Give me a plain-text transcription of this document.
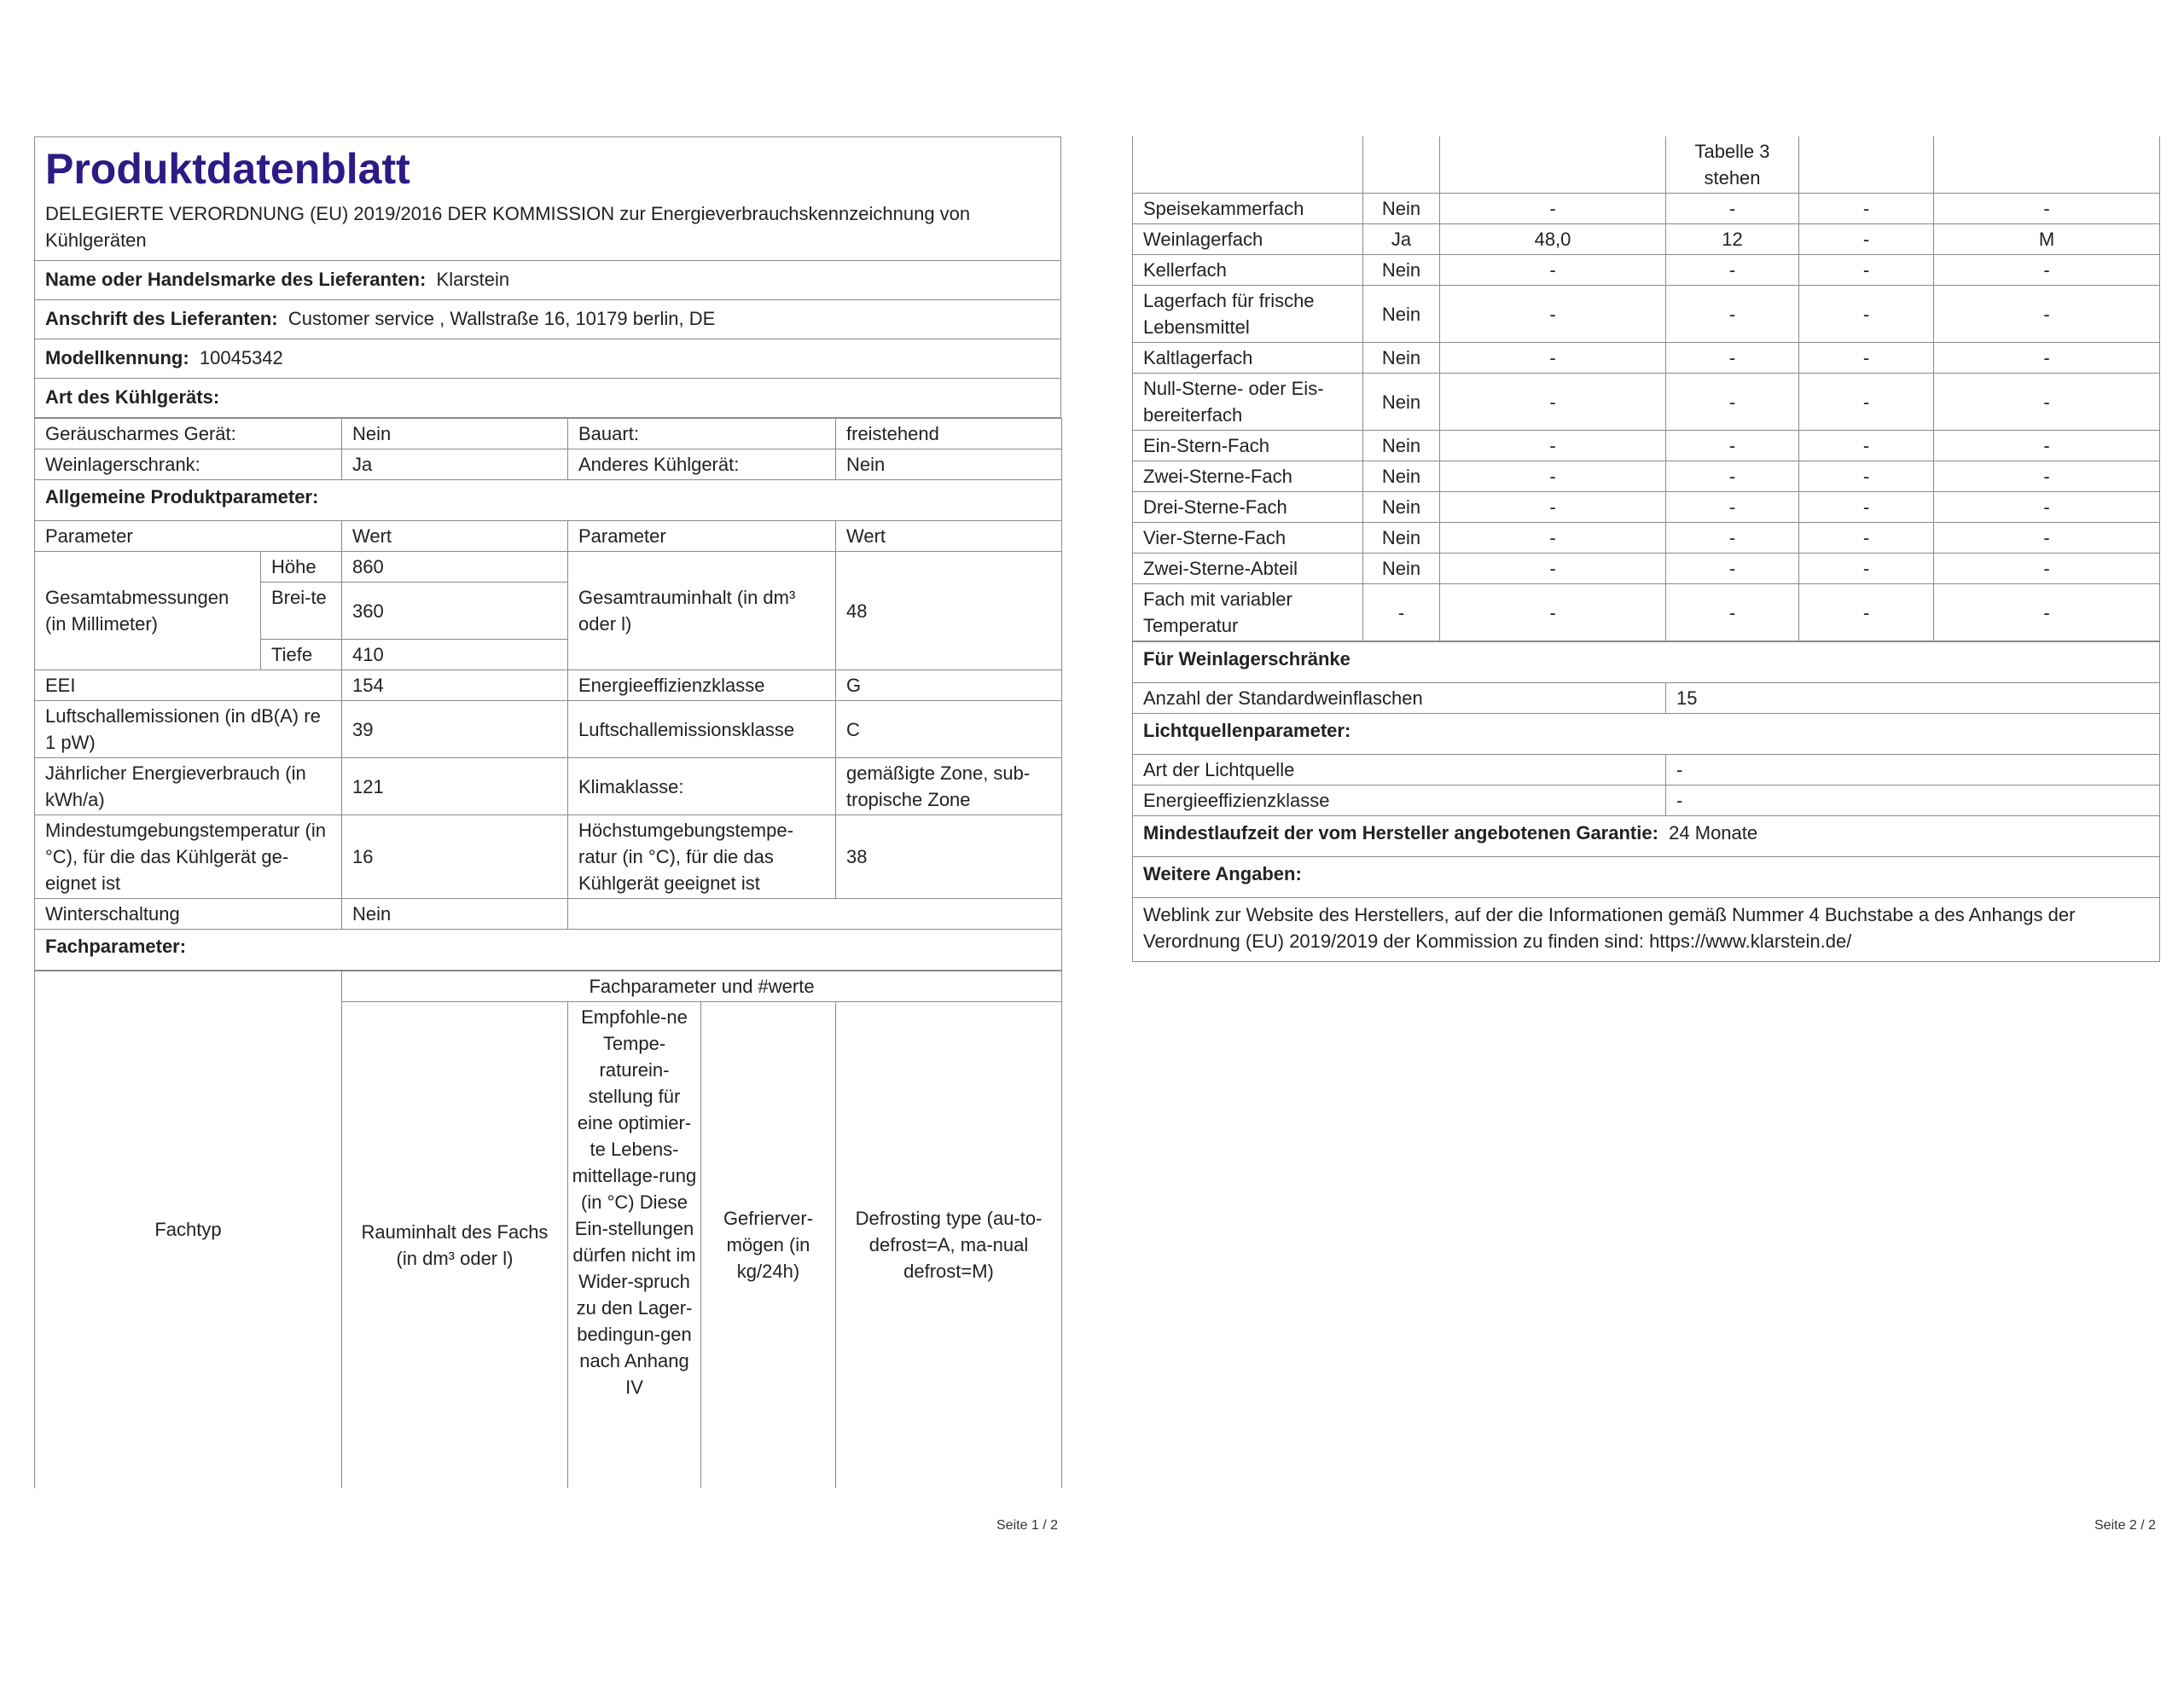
Produktdatenblatt
DELEGIERTE VERORDNUNG (EU) 2019/2016 DER KOMMISSION zur Energieverbrauchskennzeichnung von Kühlgeräten

Name oder Handelsmarke des Lieferanten: Klarstein
Anschrift des Lieferanten: Customer service , Wallstraße 16, 10179 berlin, DE
Modellkennung: 10045342
Art des Kühlgeräts:
Geräuscharmes Gerät:		Nein	Bauart:	freistehend
Weinlagerschrank:		Ja	Anderes Kühlgerät:	Nein
Allgemeine Produktparameter:				
Parameter		Wert	Parameter	Wert
Gesamtabmessungen (in Millimeter)	Höhe	860	Gesamtrauminhalt (in dm³ oder l)	48
	Brei-te	360		
	Tiefe	410		
EEI		154	Energieeffizienzklasse	G
Luftschallemissionen (in dB(A) re 1 pW)		39	Luftschallemissionsklasse	C
Jährlicher Energieverbrauch (in kWh/a)		121	Klimaklasse:	gemäßigte Zone, sub-tropische Zone
Mindestumgebungstemperatur (in °C), für die das Kühlgerät ge-eignet ist		16	Höchstumgebungstempe-ratur (in °C), für die das Kühlgerät geeignet ist	38
Winterschaltung		Nein		
Fachparameter:				
Fachtyp	Fachparameter und #werte			
	Rauminhalt des Fachs (in dm³ oder l)	Empfohle-ne Tempe-raturein-stellung für eine optimier-te Lebens-mittellage-rung (in °C) Diese Ein-stellungen dürfen nicht im Wider-spruch zu den Lager-bedingun-gen nach Anhang IV	Gefrierver-mögen (in kg/24h)	Defrosting type (au-to-defrost=A, ma-nual defrost=M)
Seite 1 / 2
			Tabelle 3 stehen		
Speisekammerfach	Nein	-	-	-	-
Weinlagerfach	Ja	48,0	12	-	M
Kellerfach	Nein	-	-	-	-
Lagerfach für frische Lebensmittel	Nein	-	-	-	-
Kaltlagerfach	Nein	-	-	-	-
Null-Sterne- oder Eis-bereiterfach	Nein	-	-	-	-
Ein-Stern-Fach	Nein	-	-	-	-
Zwei-Sterne-Fach	Nein	-	-	-	-
Drei-Sterne-Fach	Nein	-	-	-	-
Vier-Sterne-Fach	Nein	-	-	-	-
Zwei-Sterne-Abteil	Nein	-	-	-	-
Fach mit variabler Temperatur	-	-	-	-	-
Für Weinlagerschränke	
Anzahl der Standardweinflaschen	15
Lichtquellenparameter:	
Art der Lichtquelle	-
Energieeffizienzklasse	-
Mindestlaufzeit der vom Hersteller angebotenen Garantie: 24 Monate	
Weitere Angaben:	
Weblink zur Website des Herstellers, auf der die Informationen gemäß Nummer 4 Buchstabe a des Anhangs der Verordnung (EU) 2019/2019 der Kommission zu finden sind: https://www.klarstein.de/	
Seite 2 / 2
